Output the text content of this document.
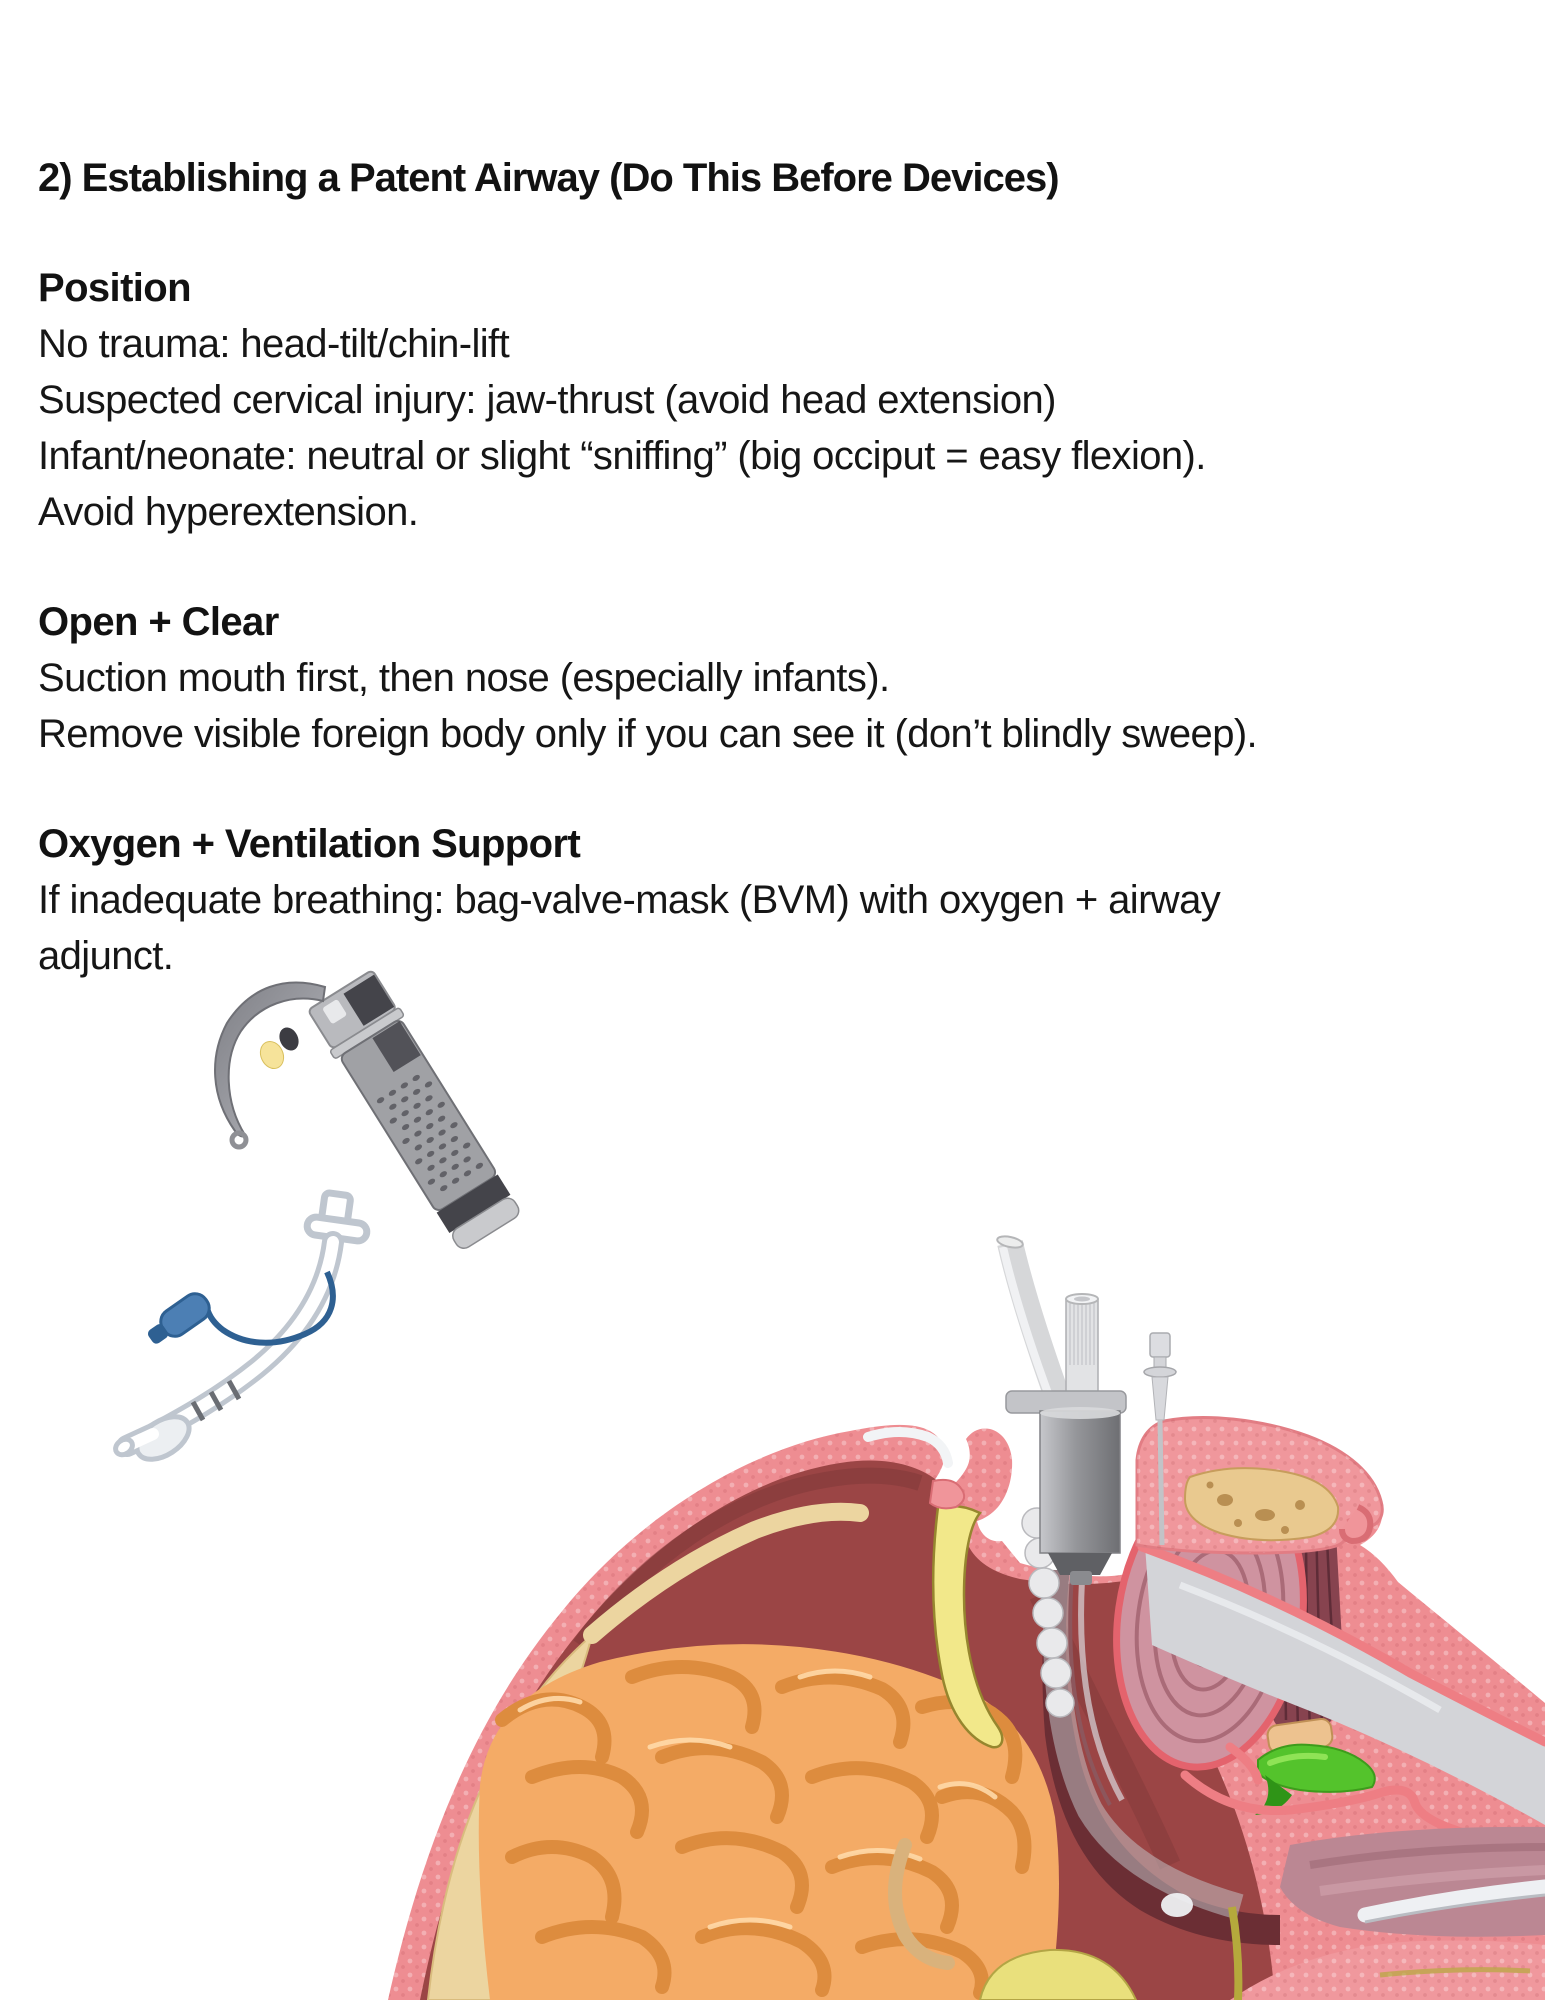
2) Establishing a Patent Airway (Do This Before Devices)
Position
No trauma: head-tilt/chin-lift
Suspected cervical injury: jaw-thrust (avoid head extension)
Infant/neonate: neutral or slight “sniffing” (big occiput = easy flexion).
Avoid hyperextension.
Open + Clear
Suction mouth first, then nose (especially infants).
Remove visible foreign body only if you can see it (don’t blindly sweep).
Oxygen + Ventilation Support
If inadequate breathing: bag-valve-mask (BVM) with oxygen + airway
adjunct.
